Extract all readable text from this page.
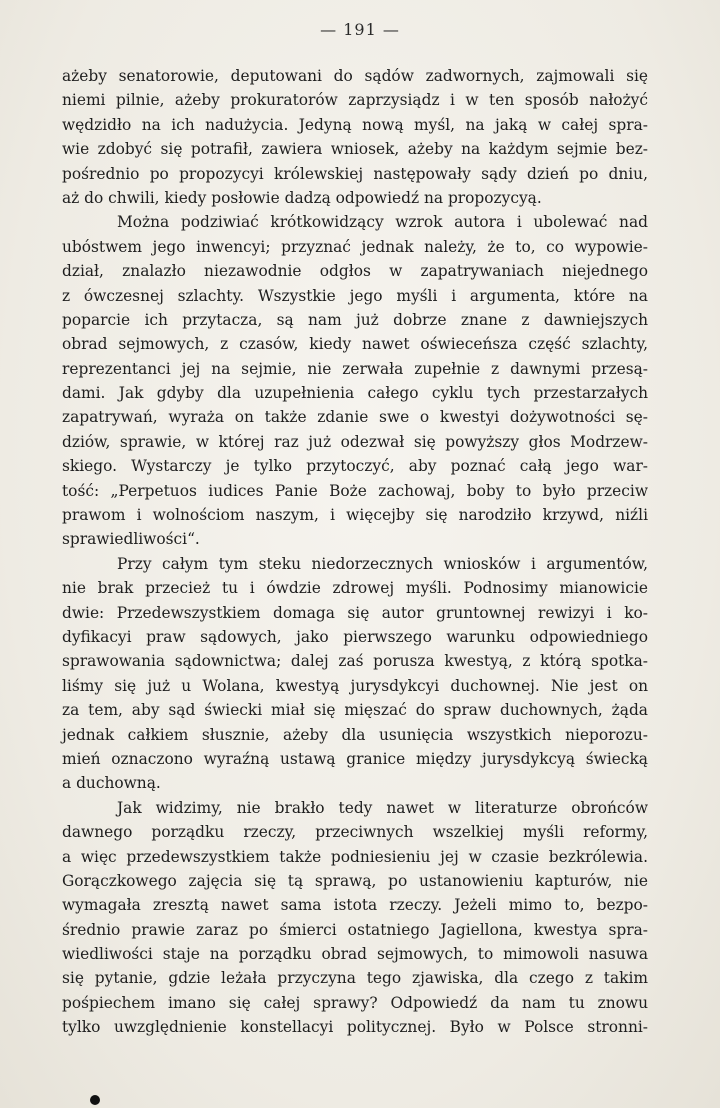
— 191 —
ażeby senatorowie, deputowani do sądów zadwornych, zajmowali się
niemi pilnie, ażeby prokuratorów zaprzysiądz i w ten sposób nałożyć
wędzidło na ich nadużycia. Jedyną nową myśl, na jaką w całej spra-
wie zdobyć się potrafił, zawiera wniosek, ażeby na każdym sejmie bez-
pośrednio po propozycyi królewskiej następowały sądy dzień po dniu,
aż do chwili, kiedy posłowie dadzą odpowiedź na propozycyą.
Można podziwiać krótkowidzący wzrok autora i ubolewać nad
ubóstwem jego inwencyi; przyznać jednak należy, że to, co wypowie-
dział, znalazło niezawodnie odgłos w zapatrywaniach niejednego
z ówczesnej szlachty. Wszystkie jego myśli i argumenta, które na
poparcie ich przytacza, są nam już dobrze znane z dawniejszych
obrad sejmowych, z czasów, kiedy nawet oświeceńsza część szlachty,
reprezentanci jej na sejmie, nie zerwała zupełnie z dawnymi przesą-
dami. Jak gdyby dla uzupełnienia całego cyklu tych przestarzałych
zapatrywań, wyraża on także zdanie swe o kwestyi dożywotności sę-
dziów, sprawie, w której raz już odezwał się powyższy głos Modrzew-
skiego. Wystarczy je tylko przytoczyć, aby poznać całą jego war-
tość: „Perpetuos iudices Panie Boże zachowaj, boby to było przeciw
prawom i wolnościom naszym, i więcejby się narodziło krzywd, niźli
sprawiedliwości“.
Przy całym tym steku niedorzecznych wniosków i argumentów,
nie brak przecież tu i ówdzie zdrowej myśli. Podnosimy mianowicie
dwie: Przedewszystkiem domaga się autor gruntownej rewizyi i ko-
dyfikacyi praw sądowych, jako pierwszego warunku odpowiedniego
sprawowania sądownictwa; dalej zaś porusza kwestyą, z którą spotka-
liśmy się już u Wolana, kwestyą jurysdykcyi duchownej. Nie jest on
za tem, aby sąd świecki miał się mięszać do spraw duchownych, żąda
jednak całkiem słusznie, ażeby dla usunięcia wszystkich nieporozu-
mień oznaczono wyraźną ustawą granice między jurysdykcyą świecką
a duchowną.
Jak widzimy, nie brakło tedy nawet w literaturze obrońców
dawnego porządku rzeczy, przeciwnych wszelkiej myśli reformy,
a więc przedewszystkiem także podniesieniu jej w czasie bezkrólewia.
Gorączkowego zajęcia się tą sprawą, po ustanowieniu kapturów, nie
wymagała zresztą nawet sama istota rzeczy. Jeżeli mimo to, bezpo-
średnio prawie zaraz po śmierci ostatniego Jagiellona, kwestya spra-
wiedliwości staje na porządku obrad sejmowych, to mimowoli nasuwa
się pytanie, gdzie leżała przyczyna tego zjawiska, dla czego z takim
pośpiechem imano się całej sprawy? Odpowiedź da nam tu znowu
tylko uwzględnienie konstellacyi politycznej. Było w Polsce stronni-
